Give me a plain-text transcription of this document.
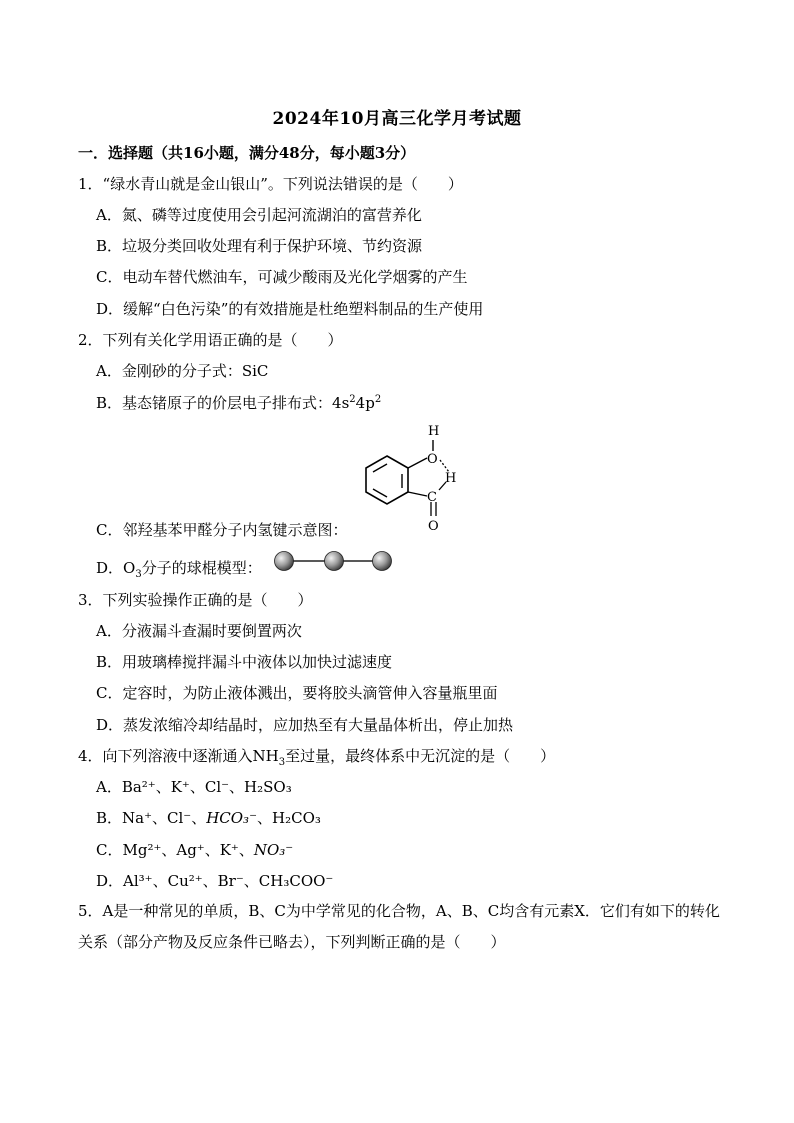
2024年10月高三化学月考试题
一．选择题（共16小题，满分48分，每小题3分）
1．“绿水青山就是金山银山”。下列说法错误的是（　　）
A．氮、磷等过度使用会引起河流湖泊的富营养化
B．垃圾分类回收处理有利于保护环境、节约资源
C．电动车替代燃油车，可减少酸雨及光化学烟雾的产生
D．缓解“白色污染”的有效措施是杜绝塑料制品的生产使用
2．下列有关化学用语正确的是（　　）
A．金刚砂的分子式：SiC
B．基态锗原子的价层电子排布式：$4s^24p^2$
H
O
H
C
O
C．邻羟基苯甲醛分子内氢键示意图：
D．$O_3$分子的球棍模型：
3．下列实验操作正确的是（　　）
A．分液漏斗查漏时要倒置两次
B．用玻璃棒搅拌漏斗中液体以加快过滤速度
C．定容时，为防止液体溅出，要将胶头滴管伸入容量瓶里面
D．蒸发浓缩冷却结晶时，应加热至有大量晶体析出，停止加热
4．向下列溶液中逐渐通入$NH_3$至过量，最终体系中无沉淀的是（　　）
A．Ba²⁺、K⁺、Cl⁻、H₂SO₃
B．Na⁺、Cl⁻、HCO₃⁻、H₂CO₃
C．Mg²⁺、Ag⁺、K⁺、NO₃⁻
D．Al³⁺、Cu²⁺、Br⁻、CH₃COO⁻
5．A是一种常见的单质，B、C为中学常见的化合物，A、B、C均含有元素X．它们有如下的转化关系（部分产物及反应条件已略去），下列判断正确的是（　　）
